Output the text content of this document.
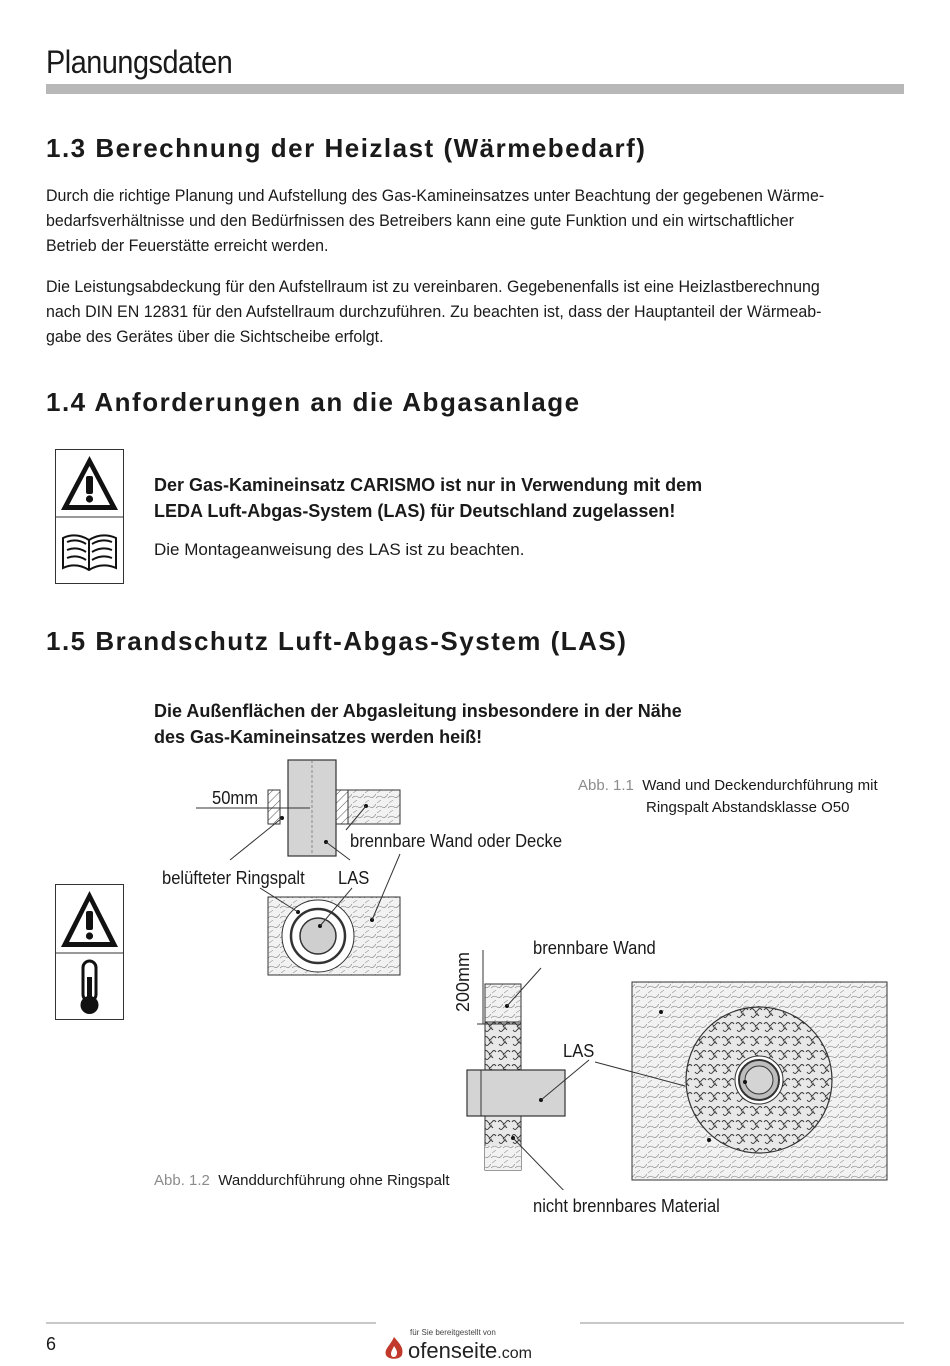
Planungsdaten
1.3 Berechnung der Heizlast (Wärmebedarf)

Durch die richtige Planung und Aufstellung des Gas-Kamineinsatzes unter Beachtung der gegebenen Wärme-
bedarfsverhältnisse und den Bedürfnissen des Betreibers kann eine gute Funktion und ein wirtschaftlicher
Betrieb der Feuerstätte erreicht werden.

Die Leistungsabdeckung für den Aufstellraum ist zu vereinbaren. Gegebenenfalls ist eine Heizlastberechnung
nach DIN EN 12831 für den Aufstellraum durchzuführen. Zu beachten ist, dass der Hauptanteil der Wärmeab-
gabe des Gerätes über die Sichtscheibe erfolgt.

1.4 Anforderungen an die Abgasanlage
Der Gas-Kamineinsatz CARISMO ist nur in Verwendung mit dem
LEDA Luft-Abgas-System (LAS) für Deutschland zugelassen!
Die Montageanweisung des LAS ist zu beachten.
1.5 Brandschutz Luft-Abgas-System (LAS)
Die Außenflächen der Abgasleitung insbesondere in der Nähe
des Gas-Kamineinsatzes werden heiß!
Abb. 1.1 Wand und Deckendurchführung mit
Ringspalt Abstandsklasse O50
50mm
brennbare Wand oder Decke
belüfteter Ringspalt LAS
brennbare Wand
200mm
LAS
nicht brennbares Material
Abb. 1.2 Wanddurchführung ohne Ringspalt
für Sie bereitgestellt von
ofenseite.com
6
